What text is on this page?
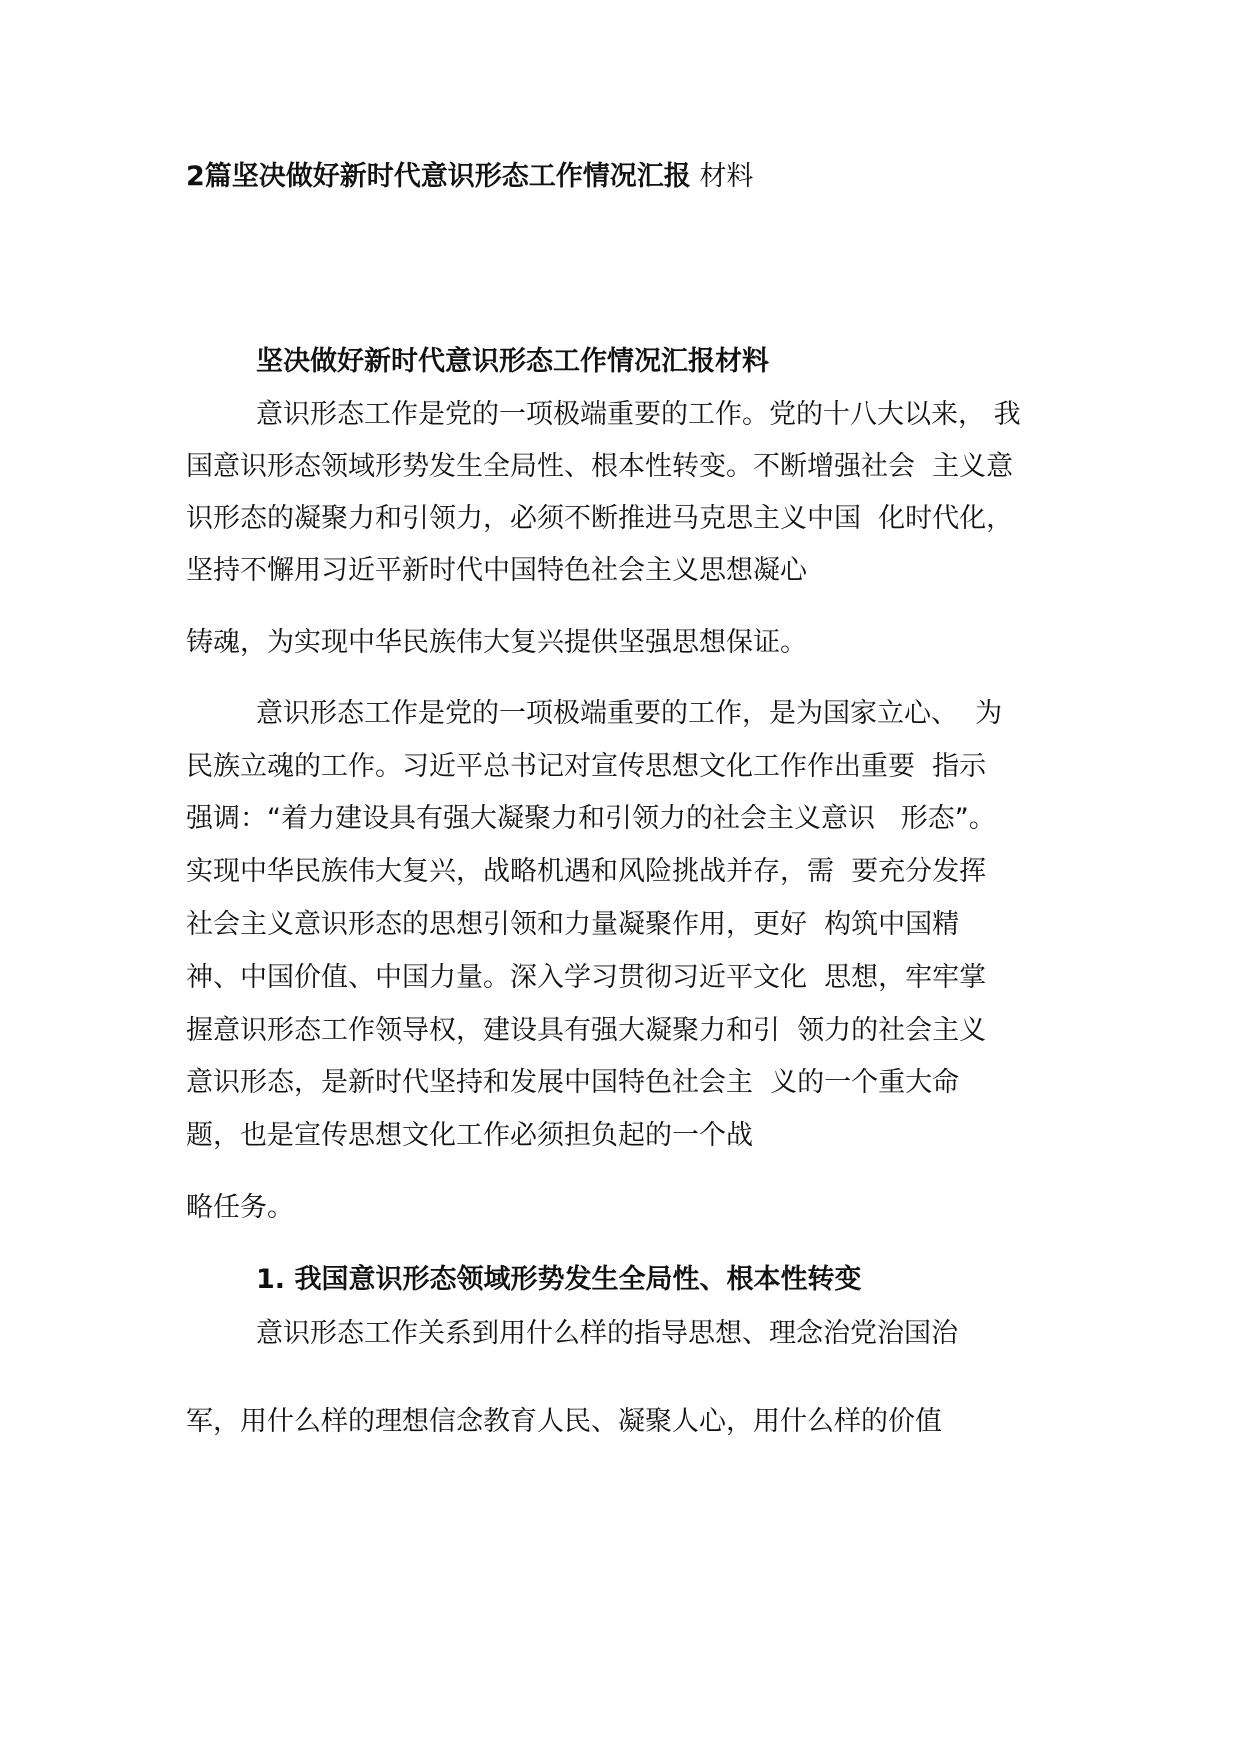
2篇坚决做好新时代意识形态工作情况汇报 材料
坚决做好新时代意识形态工作情况汇报材料
意识形态工作是党的一项极端重要的工作。党的十八大以来， 我
国意识形态领域形势发生全局性、根本性转变。不断增强社会  主义意
识形态的凝聚力和引领力，必须不断推进马克思主义中国  化时代化，
坚持不懈用习近平新时代中国特色社会主义思想凝心
铸魂，为实现中华民族伟大复兴提供坚强思想保证。
意识形态工作是党的一项极端重要的工作，是为国家立心、  为
民族立魂的工作。习近平总书记对宣传思想文化工作作出重要  指示
强调：“着力建设具有强大凝聚力和引领力的社会主义意识   形态”。
实现中华民族伟大复兴，战略机遇和风险挑战并存，需  要充分发挥
社会主义意识形态的思想引领和力量凝聚作用，更好  构筑中国精
神、中国价值、中国力量。深入学习贯彻习近平文化  思想，牢牢掌
握意识形态工作领导权，建设具有强大凝聚力和引  领力的社会主义
意识形态，是新时代坚持和发展中国特色社会主  义的一个重大命
题，也是宣传思想文化工作必须担负起的一个战
略任务。
1. 我国意识形态领域形势发生全局性、根本性转变
意识形态工作关系到用什么样的指导思想、理念治党治国治
军，用什么样的理想信念教育人民、凝聚人心，用什么样的价值
